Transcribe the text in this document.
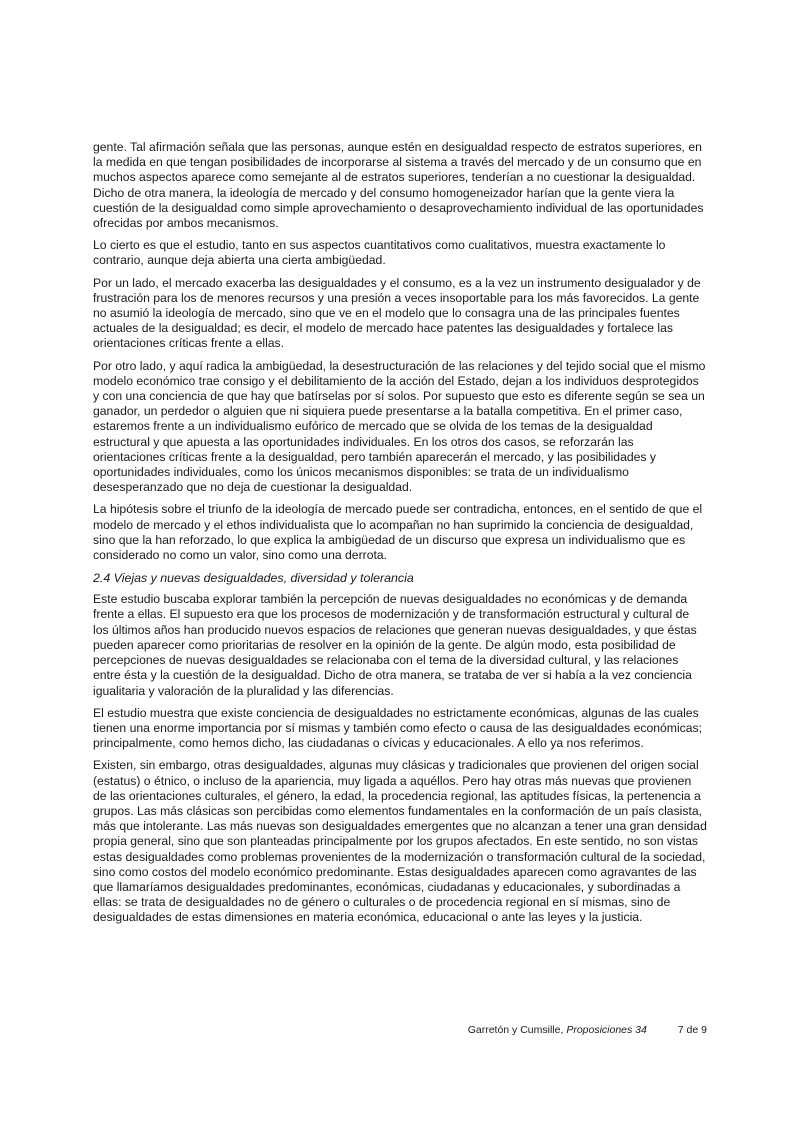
gente. Tal afirmación señala que las personas, aunque estén en desigualdad respecto de estratos superiores, en la medida en que tengan posibilidades de incorporarse al sistema a través del mercado y de un consumo que en muchos aspectos aparece como semejante al de estratos superiores, tenderían a no cuestionar la desigualdad. Dicho de otra manera, la ideología de mercado y del consumo homogeneizador harían que la gente viera la cuestión de la desigualdad como simple aprovechamiento o desaprovechamiento individual de las oportunidades ofrecidas por ambos mecanismos.

Lo cierto es que el estudio, tanto en sus aspectos cuantitativos como cualitativos, muestra exactamente lo contrario, aunque deja abierta una cierta ambigüedad.

Por un lado, el mercado exacerba las desigualdades y el consumo, es a la vez un instrumento desigualador y de frustración para los de menores recursos y una presión a veces insoportable para los más favorecidos. La gente no asumió la ideología de mercado, sino que ve en el modelo que lo consagra una de las principales fuentes actuales de la desigualdad; es decir, el modelo de mercado hace patentes las desigualdades y fortalece las orientaciones críticas frente a ellas.

Por otro lado, y aquí radica la ambigüedad, la desestructuración de las relaciones y del tejido social que el mismo modelo económico trae consigo y el debilitamiento de la acción del Estado, dejan a los individuos desprotegidos y con una conciencia de que hay que batírselas por sí solos. Por supuesto que esto es diferente según se sea un ganador, un perdedor o alguien que ni siquiera puede presentarse a la batalla competitiva. En el primer caso, estaremos frente a un individualismo eufórico de mercado que se olvida de los temas de la desigualdad estructural y que apuesta a las oportunidades individuales. En los otros dos casos, se reforzarán las orientaciones críticas frente a la desigualdad, pero también aparecerán el mercado, y las posibilidades y oportunidades individuales, como los únicos mecanismos disponibles: se trata de un individualismo desesperanzado que no deja de cuestionar la desigualdad.

La hipótesis sobre el triunfo de la ideología de mercado puede ser contradicha, entonces, en el sentido de que el modelo de mercado y el ethos individualista que lo acompañan no han suprimido la conciencia de desigualdad, sino que la han reforzado, lo que explica la ambigüedad de un discurso que expresa un individualismo que es considerado no como un valor, sino como una derrota.

2.4 Viejas y nuevas desigualdades, diversidad y tolerancia

Este estudio buscaba explorar también la percepción de nuevas desigualdades no económicas y de demanda frente a ellas. El supuesto era que los procesos de modernización y de transformación estructural y cultural de los últimos años han producido nuevos espacios de relaciones que generan nuevas desigualdades, y que éstas pueden aparecer como prioritarias de resolver en la opinión de la gente. De algún modo, esta posibilidad de percepciones de nuevas desigualdades se relacionaba con el tema de la diversidad cultural, y las relaciones entre ésta y la cuestión de la desigualdad. Dicho de otra manera, se trataba de ver si había a la vez conciencia igualitaria y valoración de la pluralidad y las diferencias.

El estudio muestra que existe conciencia de desigualdades no estrictamente económicas, algunas de las cuales tienen una enorme importancia por sí mismas y también como efecto o causa de las desigualdades económicas; principalmente, como hemos dicho, las ciudadanas o cívicas y educacionales. A ello ya nos referimos.

Existen, sin embargo, otras desigualdades, algunas muy clásicas y tradicionales que provienen del origen social (estatus) o étnico, o incluso de la apariencia, muy ligada a aquéllos. Pero hay otras más nuevas que provienen de las orientaciones culturales, el género, la edad, la procedencia regional, las aptitudes físicas, la pertenencia a grupos. Las más clásicas son percibidas como elementos fundamentales en la conformación de un país clasista, más que intolerante. Las más nuevas son desigualdades emergentes que no alcanzan a tener una gran densidad propia general, sino que son planteadas principalmente por los grupos afectados. En este sentido, no son vistas estas desigualdades como problemas provenientes de la modernización o transformación cultural de la sociedad, sino como costos del modelo económico predominante. Estas desigualdades aparecen como agravantes de las que llamaríamos desigualdades predominantes, económicas, ciudadanas y educacionales, y subordinadas a ellas: se trata de desigualdades no de género o culturales o de procedencia regional en sí mismas, sino de desigualdades de estas dimensiones en materia económica, educacional o ante las leyes y la justicia.

Garretón y Cumsille, Proposiciones 34	7 de 9
